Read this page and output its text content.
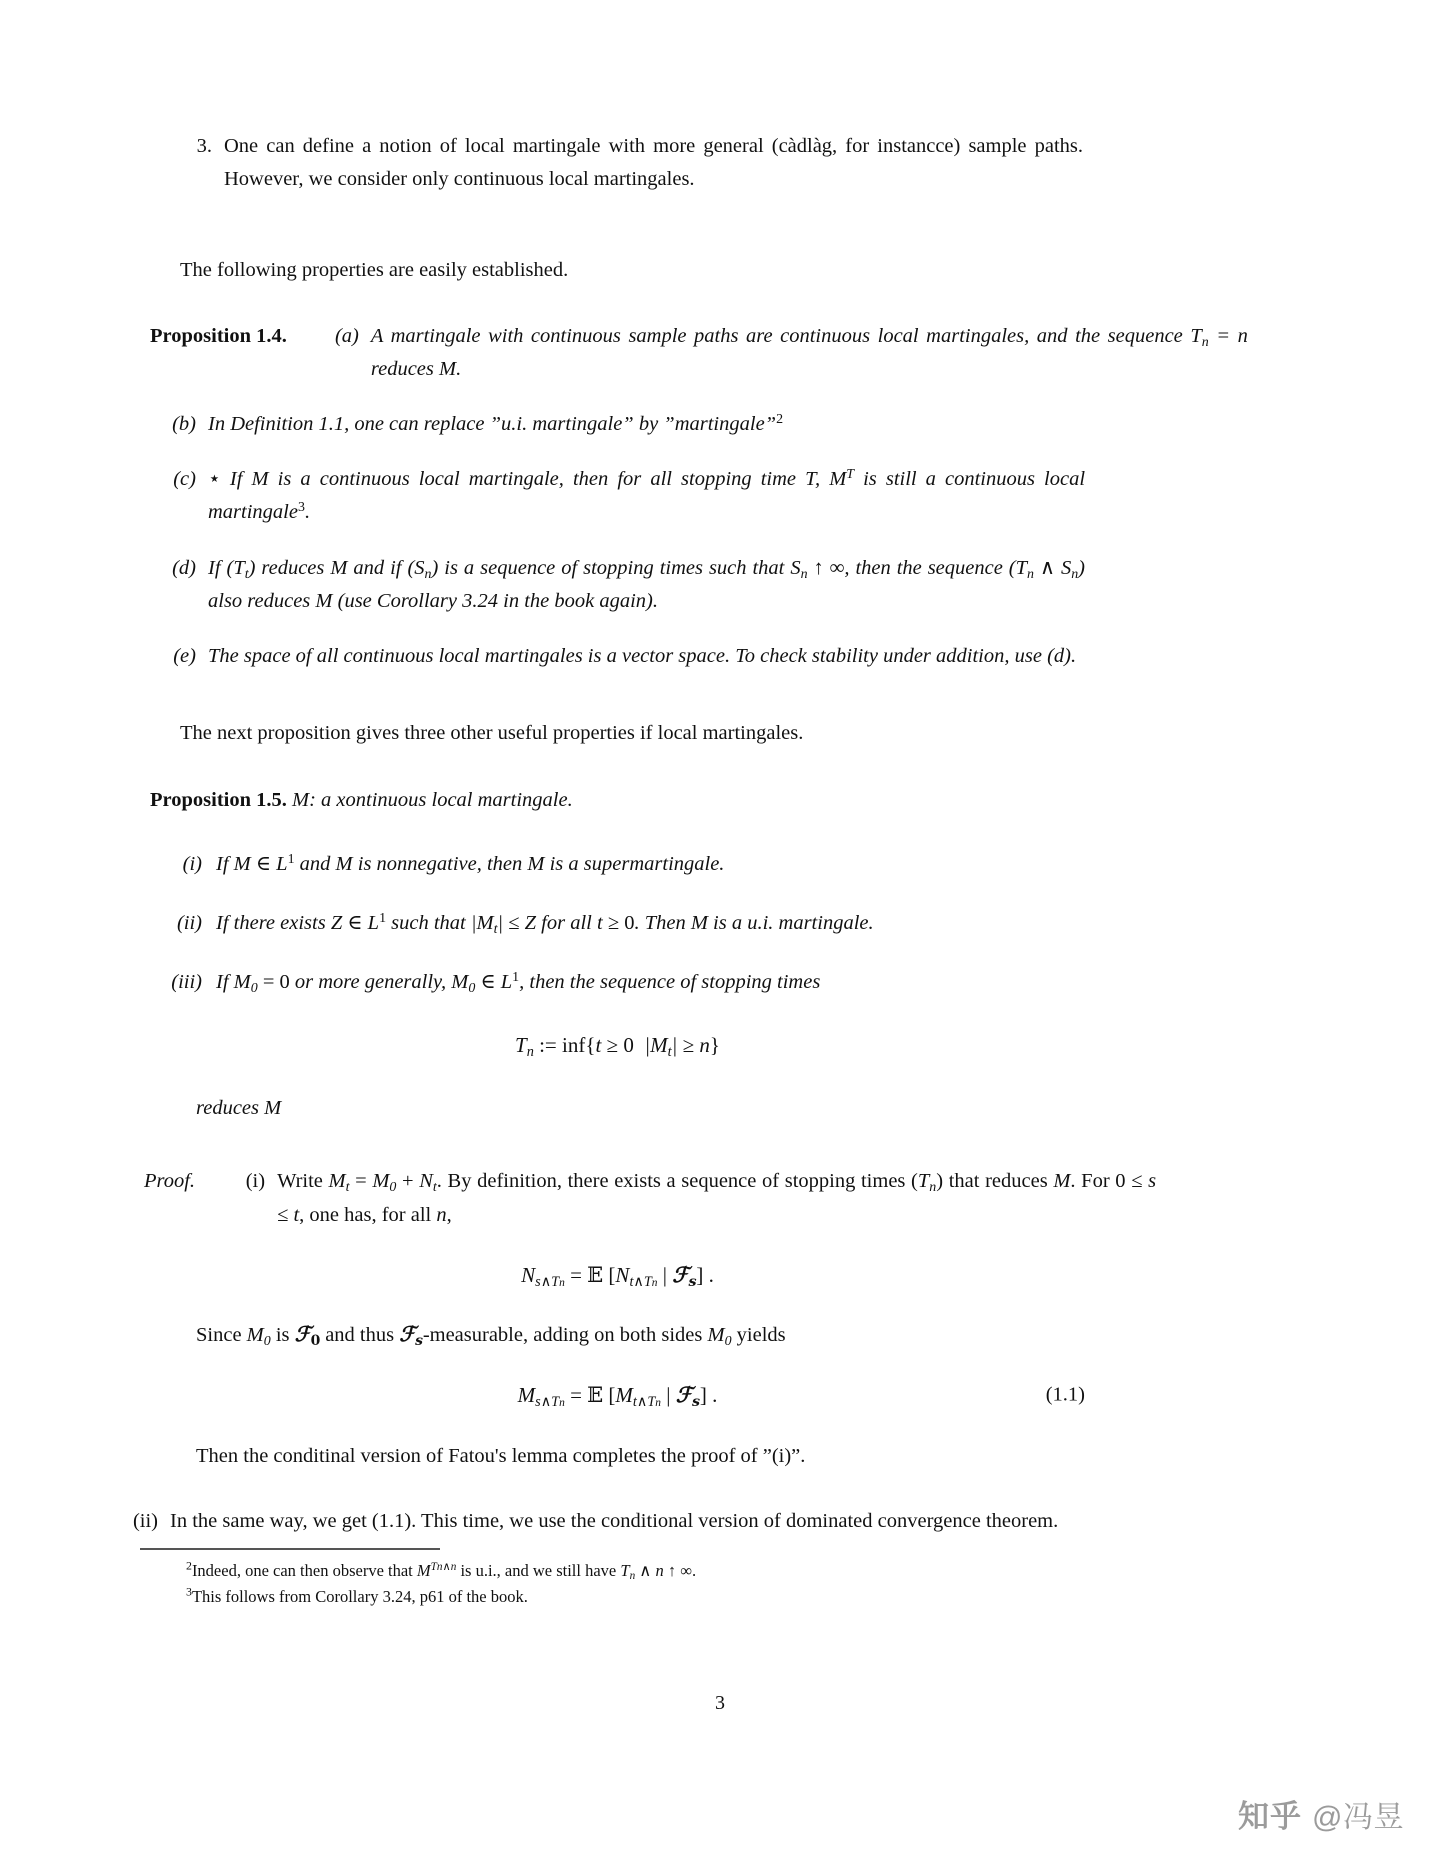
3. One can define a notion of local martingale with more general (càdlàg, for instancce) sample paths. However, we consider only continuous local martingales.
The following properties are easily established.
Proposition 1.4.	(a) A martingale with continuous sample paths are continuous local martingales, and the sequence $T_n = n$ reduces M.
(b) In Definition 1.1, one can replace ”u.i. martingale” by ”martingale”$^2$
(c) ⋆ If M is a continuous local martingale, then for all stopping time T, $M^T$ is still a continuous local martingale$^3$.
(d) If $(T_t)$ reduces M and if $(S_n)$ is a sequence of stopping times such that $S_n$ ↑ ∞, then the sequence ($T_n$ ∧ $S_n$) also reduces M (use Corollary 3.24 in the book again).
(e) The space of all continuous local martingales is a vector space. To check stability under addition, use (d).
The next proposition gives three other useful properties if local martingales.
Proposition 1.5. M: a xontinuous local martingale.
(i) If M ∈ $L^1$ and M is nonnegative, then M is a supermartingale.
(ii) If there exists Z ∈ $L^1$ such that $|M_t| \le Z$ for all t ≥ 0. Then M is a u.i. martingale.
(iii) If $M_0 = 0$ or more generally, $M_0$ ∈ $L^1$, then the sequence of stopping times
$T_n$ := inf{t ≥ 0 $|M_t| \ge n$}
reduces M
Proof.	(i) Write $M_t = M_0 + N_t$. By definition, there exists a sequence of stopping times $(T_n)$ that reduces M. For 0 ≤ s ≤ t, one has, for all n,
$N_{s\wedge Tn}$ = 𝔼 [$N_{t\wedge Tn}$ | ℱ$_s$] .
Since $M_0$ is ℱ$_0$ and thus ℱ$_s$-measurable, adding on both sides $M_0$ yields
$M_{s\wedge Tn}$ = 𝔼 [$M_{t\wedge Tn}$ | ℱ$_s$] .	(1.1)
Then the conditinal version of Fatou's lemma completes the proof of ”(i)”.
(ii) In the same way, we get (1.1). This time, we use the conditional version of dominated convergence theorem.
$^2$Indeed, one can then observe that $M^{Tn\wedge n}$ is u.i., and we still have $T_n$ ∧ n ↑ ∞.
$^3$This follows from Corollary 3.24, p61 of the book.
3
知乎 @冯昱
